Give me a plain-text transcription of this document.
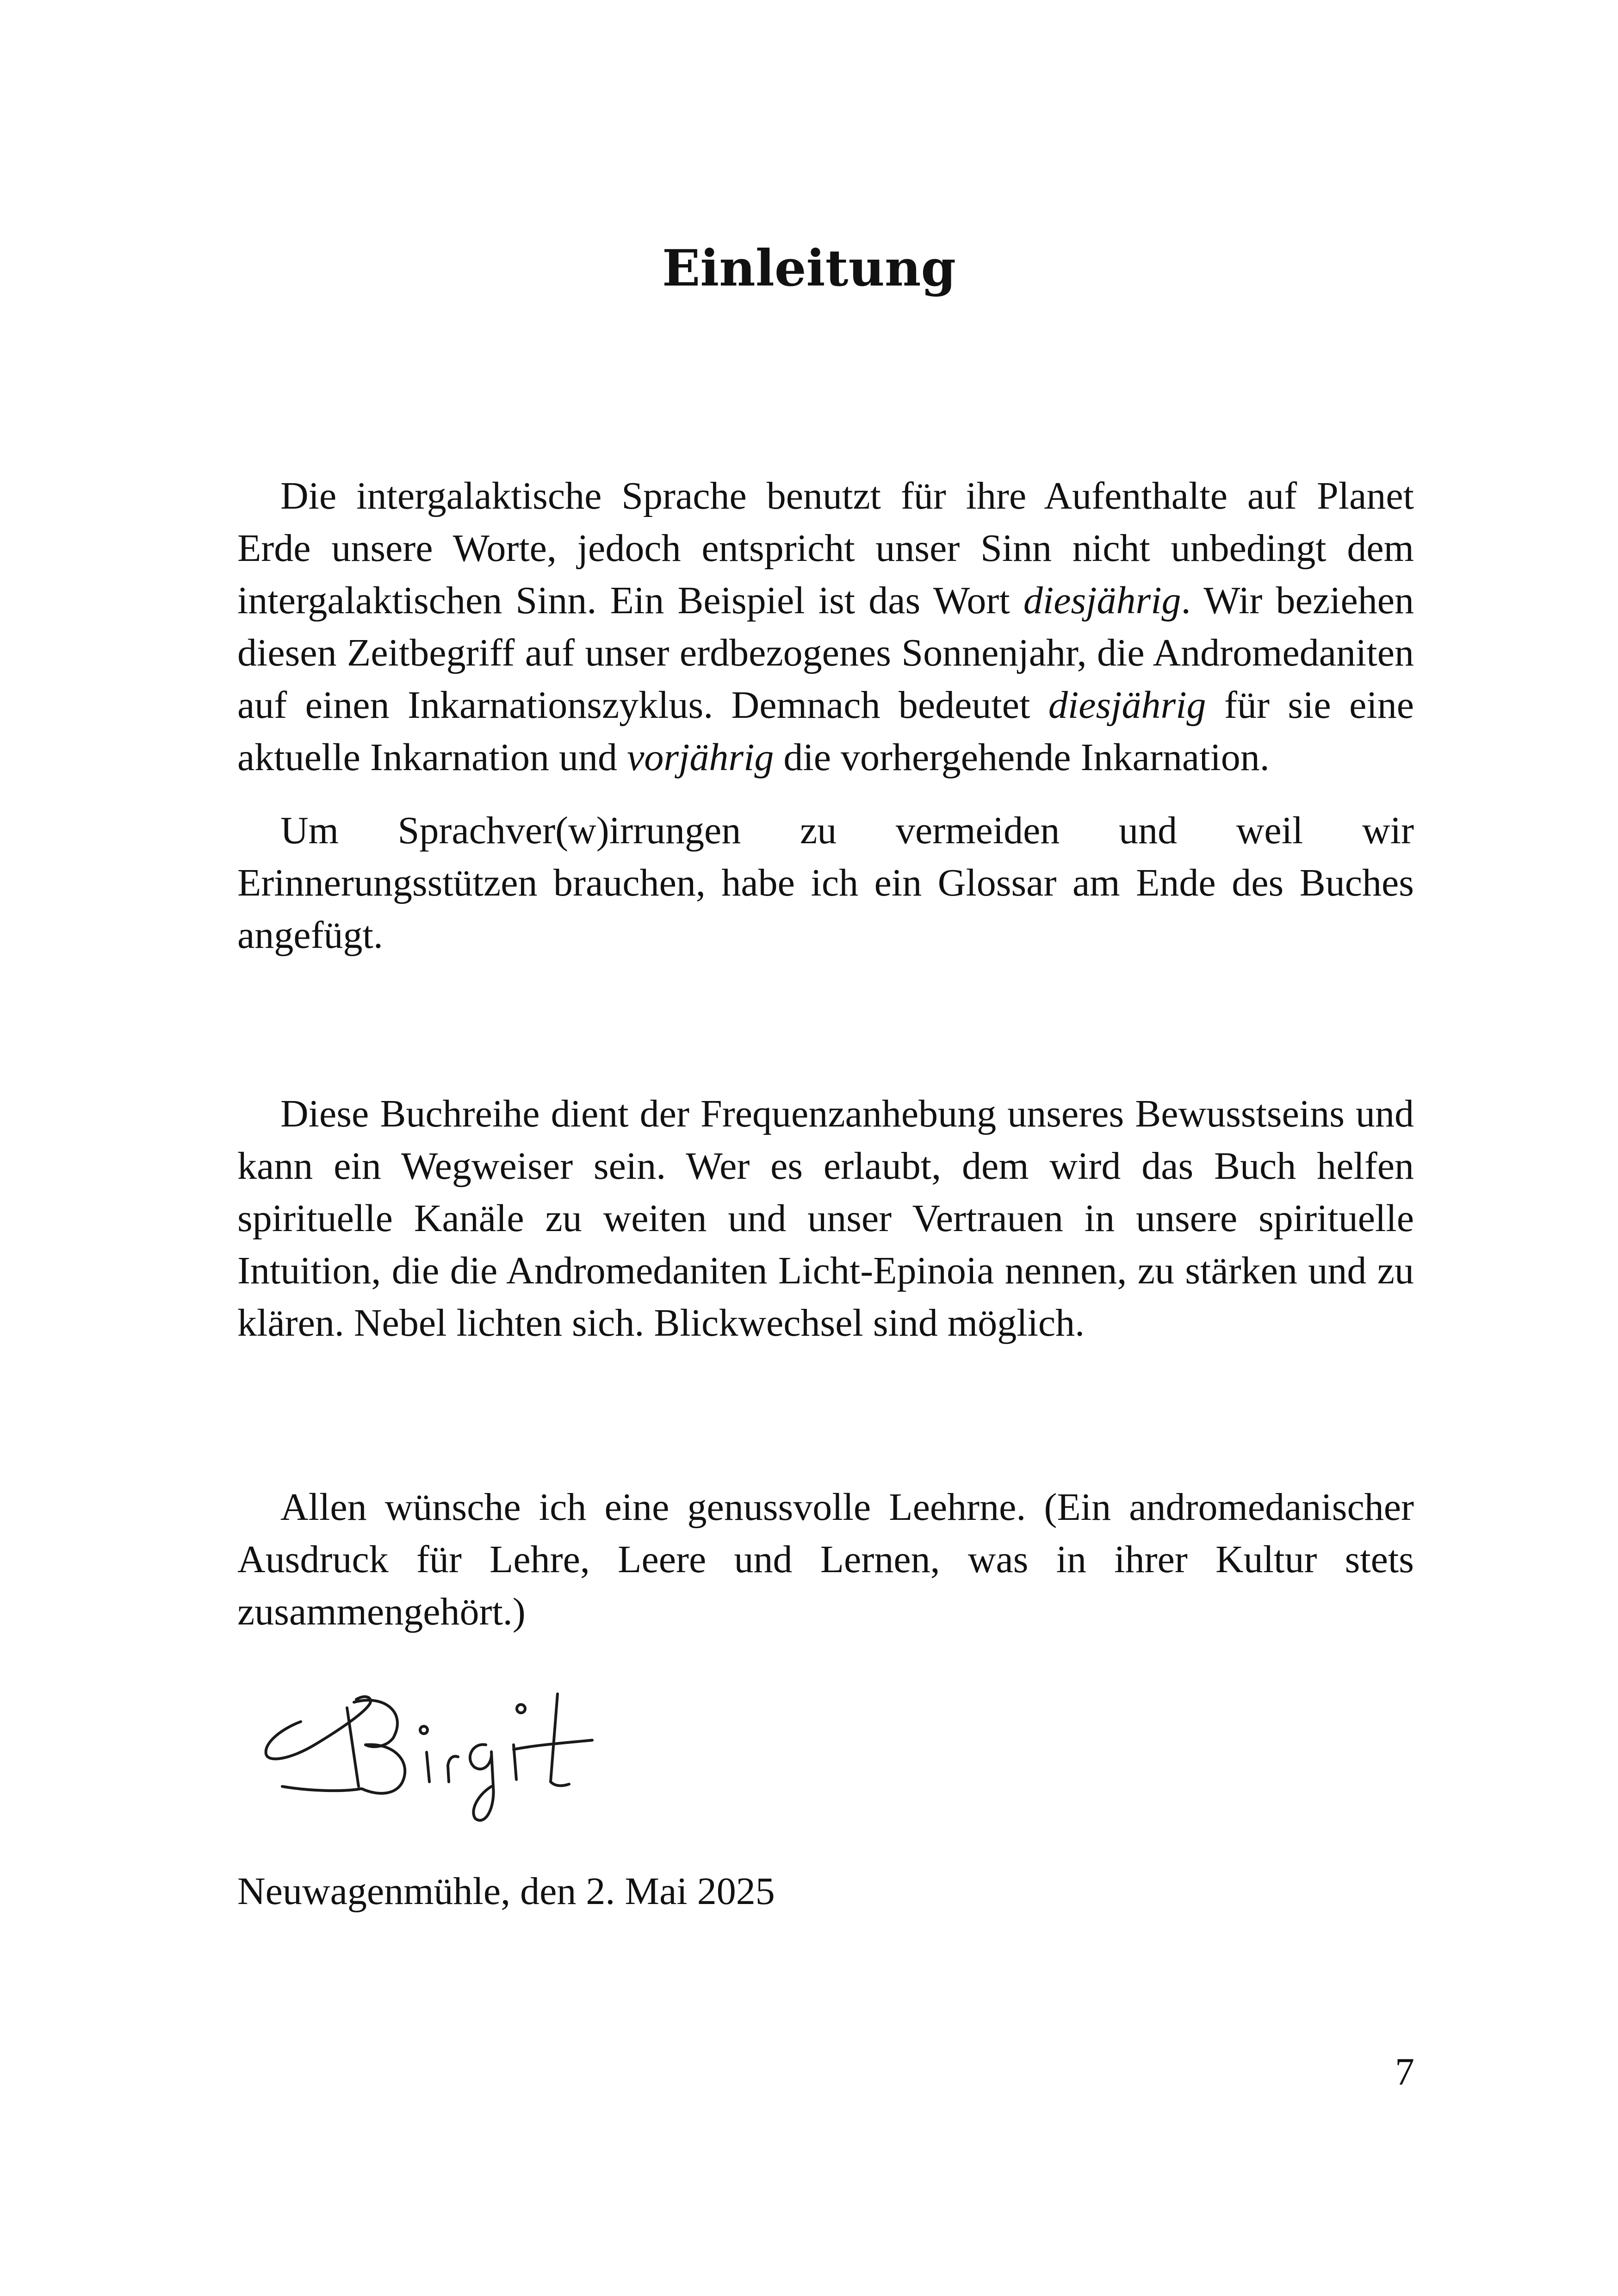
Einleitung

Die intergalaktische Sprache benutzt für ihre Aufenthalte auf Planet Erde unsere Worte, jedoch entspricht unser Sinn nicht unbedingt dem intergalaktischen Sinn. Ein Beispiel ist das Wort diesjährig. Wir beziehen diesen Zeitbegriff auf unser erdbezogenes Sonnenjahr, die Andromedaniten auf einen Inkarnationszyklus. Demnach bedeutet diesjährig für sie eine aktuelle Inkarnation und vorjährig die vorhergehende Inkarnation.

Um Sprachver(w)irrungen zu vermeiden und weil wir Erinnerungsstützen brauchen, habe ich ein Glossar am Ende des Buches angefügt.

Diese Buchreihe dient der Frequenzanhebung unseres Bewusstseins und kann ein Wegweiser sein. Wer es erlaubt, dem wird das Buch helfen spirituelle Kanäle zu weiten und unser Vertrauen in unsere spirituelle Intuition, die die Andromedaniten Licht-Epinoia nennen, zu stärken und zu klären. Nebel lichten sich. Blickwechsel sind möglich.

Allen wünsche ich eine genussvolle Leehrne. (Ein andromedanischer Ausdruck für Lehre, Leere und Lernen, was in ihrer Kultur stets zusammengehört.)

Neuwagenmühle, den 2. Mai 2025

7
